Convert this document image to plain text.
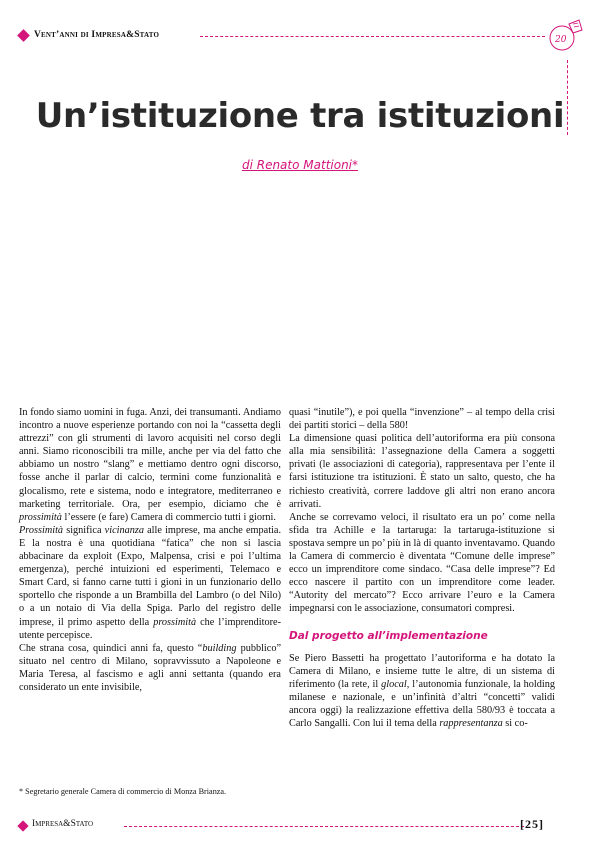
Vent’anni di Impresa&Stato	20
Un’istituzione tra istituzioni
di Renato Mattioni*

In fondo siamo uomini in fuga. Anzi, dei transumanti. Andiamo incontro a nuove esperienze portando con noi la “cassetta degli attrezzi” con gli strumenti di lavoro acquisiti nel corso degli anni. Siamo riconoscibili tra mille, anche per via del fatto che abbiamo un nostro “slang” e mettiamo dentro ogni discorso, fosse anche il parlar di calcio, termini come funzionalità e glocalismo, rete e sistema, nodo e integratore, mediterraneo e marketing territoriale. Ora, per esempio, diciamo che è prossimità l’essere (e fare) Camera di commercio tutti i giorni.

Prossimità significa vicinanza alle imprese, ma anche empatia. E la nostra è una quotidiana “fatica” che non si lascia abbacinare da exploit (Expo, Malpensa, crisi e poi l’ultima emergenza), perché intuizioni ed esperimenti, Telemaco e Smart Card, si fanno carne tutti i gioni in un funzionario dello sportello che risponde a un Brambilla del Lambro (o del Nilo) o a un notaio di Via della Spiga. Parlo del registro delle imprese, il primo aspetto della prossimità che l’imprenditore-utente percepisce.

Che strana cosa, quindici anni fa, questo “building pubblico” situato nel centro di Milano, sopravvissuto a Napoleone e Maria Teresa, al fascismo e agli anni settanta (quando era considerato un ente invisibile,

quasi “inutile”), e poi quella “invenzione” – al tempo della crisi dei partiti storici – della 580!

La dimensione quasi politica dell’autoriforma era più consona alla mia sensibilità: l’assegnazione della Camera a soggetti privati (le associazioni di categoria), rappresentava per l’ente il farsi istituzione tra istituzioni. È stato un salto, questo, che ha richiesto creatività, correre laddove gli altri non erano ancora arrivati.

Anche se correvamo veloci, il risultato era un po’ come nella sfida tra Achille e la tartaruga: la tartaruga-istituzione si spostava sempre un po’ più in là di quanto inventavamo. Quando la Camera di commercio è diventata “Comune delle imprese” ecco un imprenditore come sindaco. “Casa delle imprese”? Ed ecco nascere il partito con un imprenditore come leader. “Autority del mercato”? Ecco arrivare l’euro e la Camera impegnarsi con le associazione, consumatori compresi.

Dal progetto all’implementazione

Se Piero Bassetti ha progettato l’autoriforma e ha dotato la Camera di Milano, e insieme tutte le altre, di un sistema di riferimento (la rete, il glocal, l’autonomia funzionale, la holding milanese e nazionale, e un’infinità d’altri “concetti” validi ancora oggi) la realizzazione effettiva della 580/93 è toccata a Carlo Sangalli. Con lui il tema della rappresentanza si co-

* Segretario generale Camera di commercio di Monza Brianza.
Impresa&Stato	[25]
